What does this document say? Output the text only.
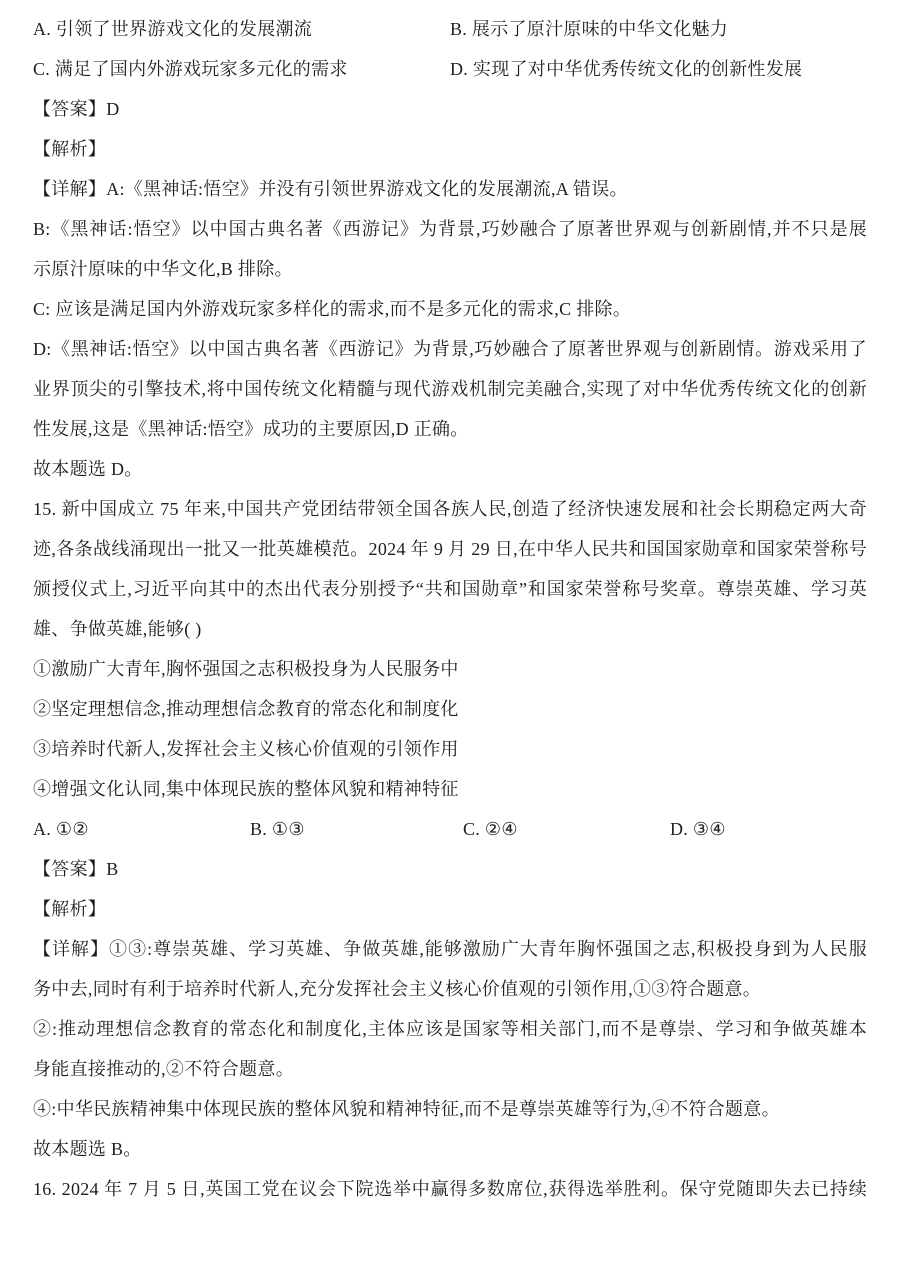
A. 引领了世界游戏文化的发展潮流	B. 展示了原汁原味的中华文化魅力
C. 满足了国内外游戏玩家多元化的需求	D. 实现了对中华优秀传统文化的创新性发展
【答案】D
【解析】
【详解】A:《黑神话:悟空》并没有引领世界游戏文化的发展潮流,A 错误。
B:《黑神话:悟空》以中国古典名著《西游记》为背景,巧妙融合了原著世界观与创新剧情,并不只是展
示原汁原味的中华文化,B 排除。
C: 应该是满足国内外游戏玩家多样化的需求,而不是多元化的需求,C 排除。
D:《黑神话:悟空》以中国古典名著《西游记》为背景,巧妙融合了原著世界观与创新剧情。游戏采用了
业界顶尖的引擎技术,将中国传统文化精髓与现代游戏机制完美融合,实现了对中华优秀传统文化的创新
性发展,这是《黑神话:悟空》成功的主要原因,D 正确。
故本题选 D。
15. 新中国成立 75 年来,中国共产党团结带领全国各族人民,创造了经济快速发展和社会长期稳定两大奇
迹,各条战线涌现出一批又一批英雄模范。2024 年 9 月 29 日,在中华人民共和国国家勋章和国家荣誉称号
颁授仪式上,习近平向其中的杰出代表分别授予“共和国勋章”和国家荣誉称号奖章。尊崇英雄、学习英
雄、争做英雄,能够( )
①激励广大青年,胸怀强国之志积极投身为人民服务中
②坚定理想信念,推动理想信念教育的常态化和制度化
③培养时代新人,发挥社会主义核心价值观的引领作用
④增强文化认同,集中体现民族的整体风貌和精神特征
A. ①②	B. ①③	C. ②④	D. ③④
【答案】B
【解析】
【详解】①③:尊崇英雄、学习英雄、争做英雄,能够激励广大青年胸怀强国之志,积极投身到为人民服
务中去,同时有利于培养时代新人,充分发挥社会主义核心价值观的引领作用,①③符合题意。
②:推动理想信念教育的常态化和制度化,主体应该是国家等相关部门,而不是尊崇、学习和争做英雄本
身能直接推动的,②不符合题意。
④:中华民族精神集中体现民族的整体风貌和精神特征,而不是尊崇英雄等行为,④不符合题意。
故本题选 B。
16. 2024 年 7 月 5 日,英国工党在议会下院选举中赢得多数席位,获得选举胜利。保守党随即失去已持续
